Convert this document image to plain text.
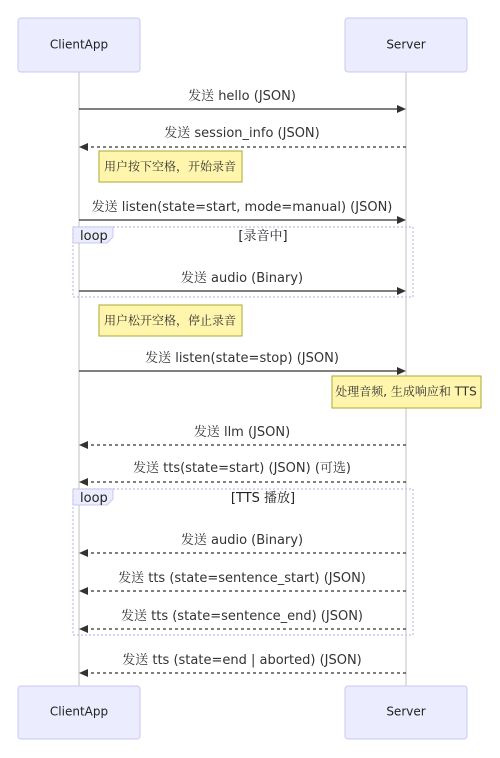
ClientApp	Server
发送 hello (JSON)
发送 session_info (JSON)
用户按下空格，开始录音
发送 listen(state=start, mode=manual) (JSON)
loop	[录音中]
发送 audio (Binary)
用户松开空格，停止录音
发送 listen(state=stop) (JSON)
处理音频, 生成响应和 TTS
发送 llm (JSON)
发送 tts(state=start) (JSON) (可选)
loop	[TTS 播放]
发送 audio (Binary)
发送 tts (state=sentence_start) (JSON)
发送 tts (state=sentence_end) (JSON)
发送 tts (state=end | aborted) (JSON)
ClientApp	Server
